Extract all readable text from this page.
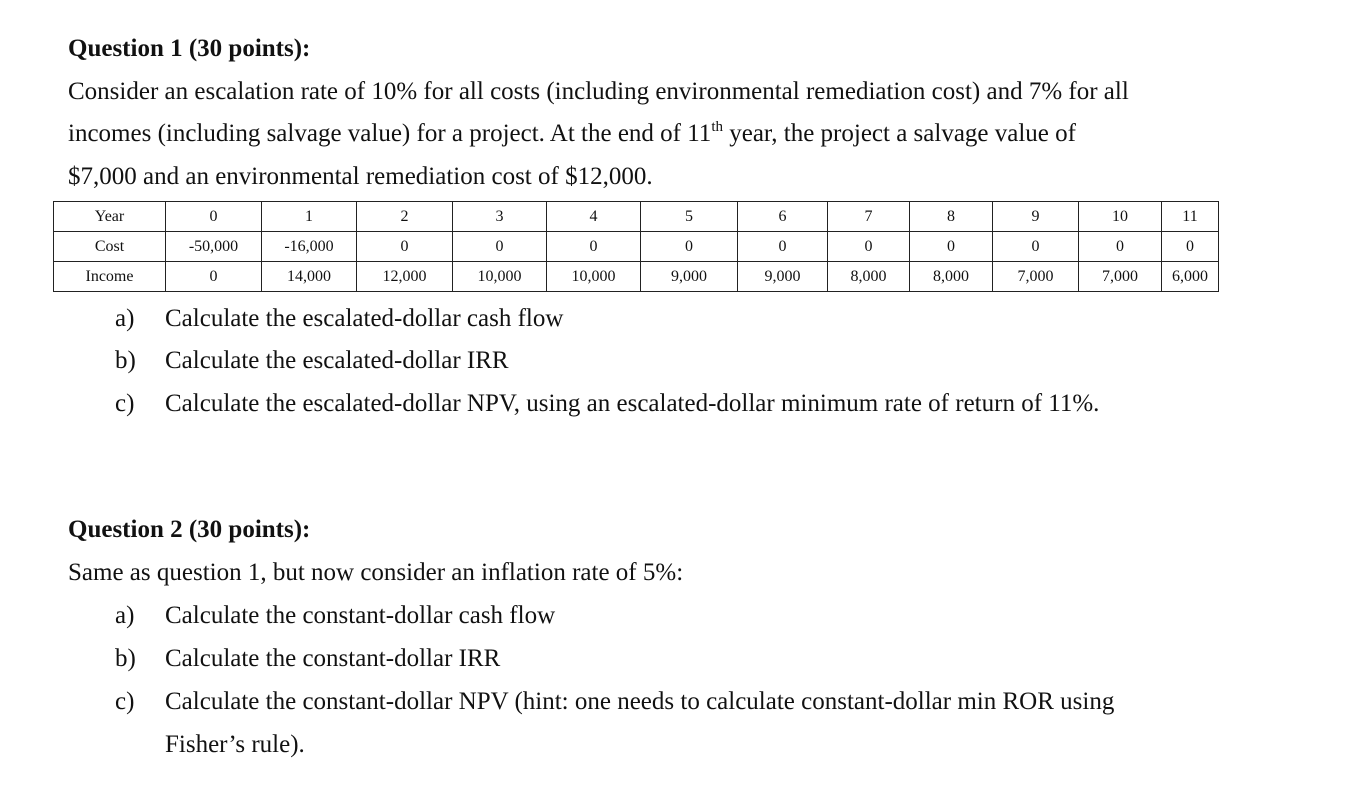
Question 1 (30 points):
Consider an escalation rate of 10% for all costs (including environmental remediation cost) and 7% for all
incomes (including salvage value) for a project. At the end of 11th year, the project a salvage value of
$7,000 and an environmental remediation cost of $12,000.
Year	0	1	2	3	4	5	6	7	8	9	10	11
Cost	-50,000	-16,000	0	0	0	0	0	0	0	0	0	0
Income	0	14,000	12,000	10,000	10,000	9,000	9,000	8,000	8,000	7,000	7,000	6,000
a) Calculate the escalated-dollar cash flow
b) Calculate the escalated-dollar IRR
c) Calculate the escalated-dollar NPV, using an escalated-dollar minimum rate of return of 11%.
Question 2 (30 points):
Same as question 1, but now consider an inflation rate of 5%:
a) Calculate the constant-dollar cash flow
b) Calculate the constant-dollar IRR
c) Calculate the constant-dollar NPV (hint: one needs to calculate constant-dollar min ROR using
Fisher’s rule).
